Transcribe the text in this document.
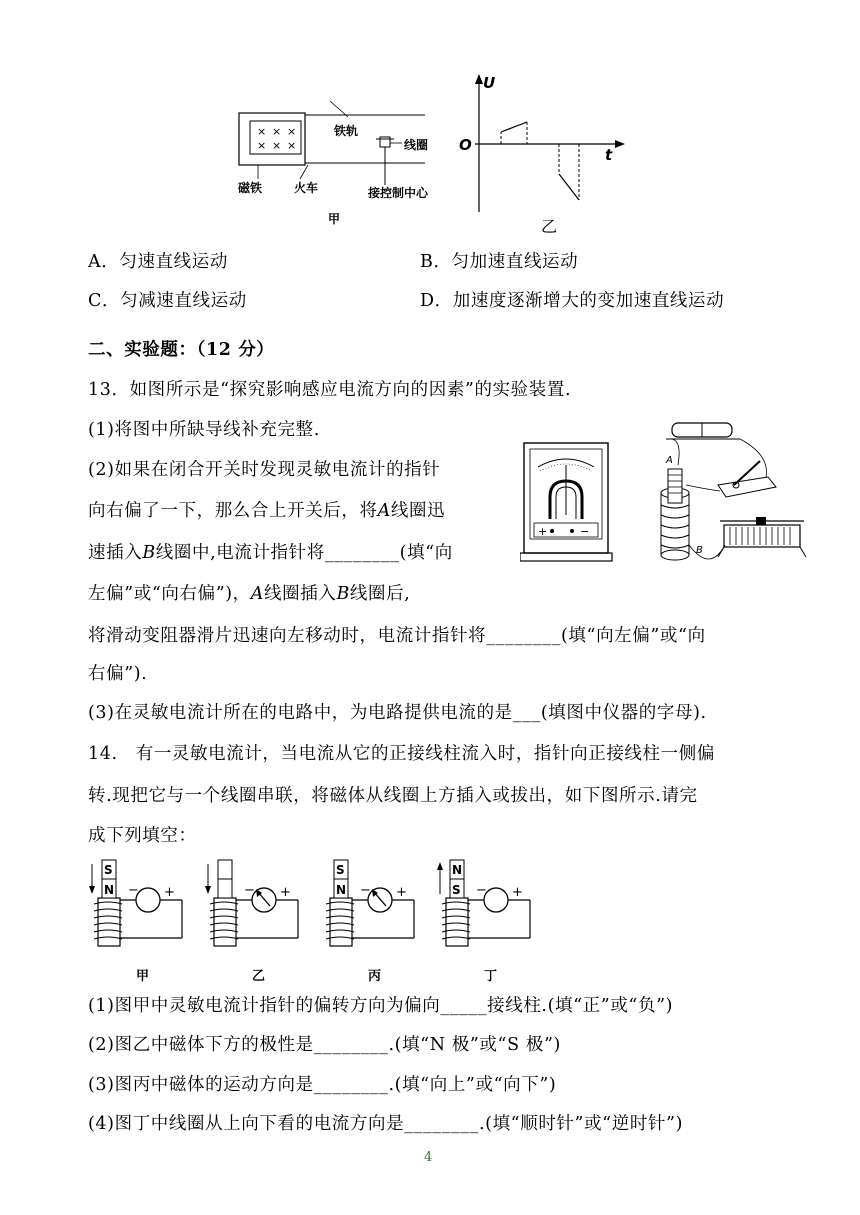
× × ×
× × ×
铁轨
线圈
磁铁	火车	接控制中心
甲
U
t
O
乙
A．匀速直线运动	B．匀加速直线运动
C．匀减速直线运动	D．加速度逐渐增大的变加速直线运动
二、实验题：（12 分）
13．如图所示是“探究影响感应电流方向的因素”的实验装置.
(1)将图中所缺导线补充完整.
(2)如果在闭合开关时发现灵敏电流计的指针
向右偏了一下，那么合上开关后，将A线圈迅
速插入B线圈中,电流计指针将________(填“向
左偏”或“向右偏”)，A线圈插入B线圈后,
将滑动变阻器滑片迅速向左移动时，电流计指针将________(填“向左偏”或“向
右偏”).
(3)在灵敏电流计所在的电路中，为电路提供电流的是___(填图中仪器的字母).
+	−
A
B
14.　有一灵敏电流计，当电流从它的正接线柱流入时，指针向正接线柱一侧偏
转.现把它与一个线圈串联，将磁体从线圈上方插入或拔出，如下图所示.请完
成下列填空：
S
N − +
甲
− +
乙
S
N − +
丙
N
S − +
丁
(1)图甲中灵敏电流计指针的偏转方向为偏向_____接线柱.(填“正”或“负”)
(2)图乙中磁体下方的极性是________.(填“N 极”或“S 极”)
(3)图丙中磁体的运动方向是________.(填“向上”或“向下”)
(4)图丁中线圈从上向下看的电流方向是________.(填“顺时针”或“逆时针”)
4
